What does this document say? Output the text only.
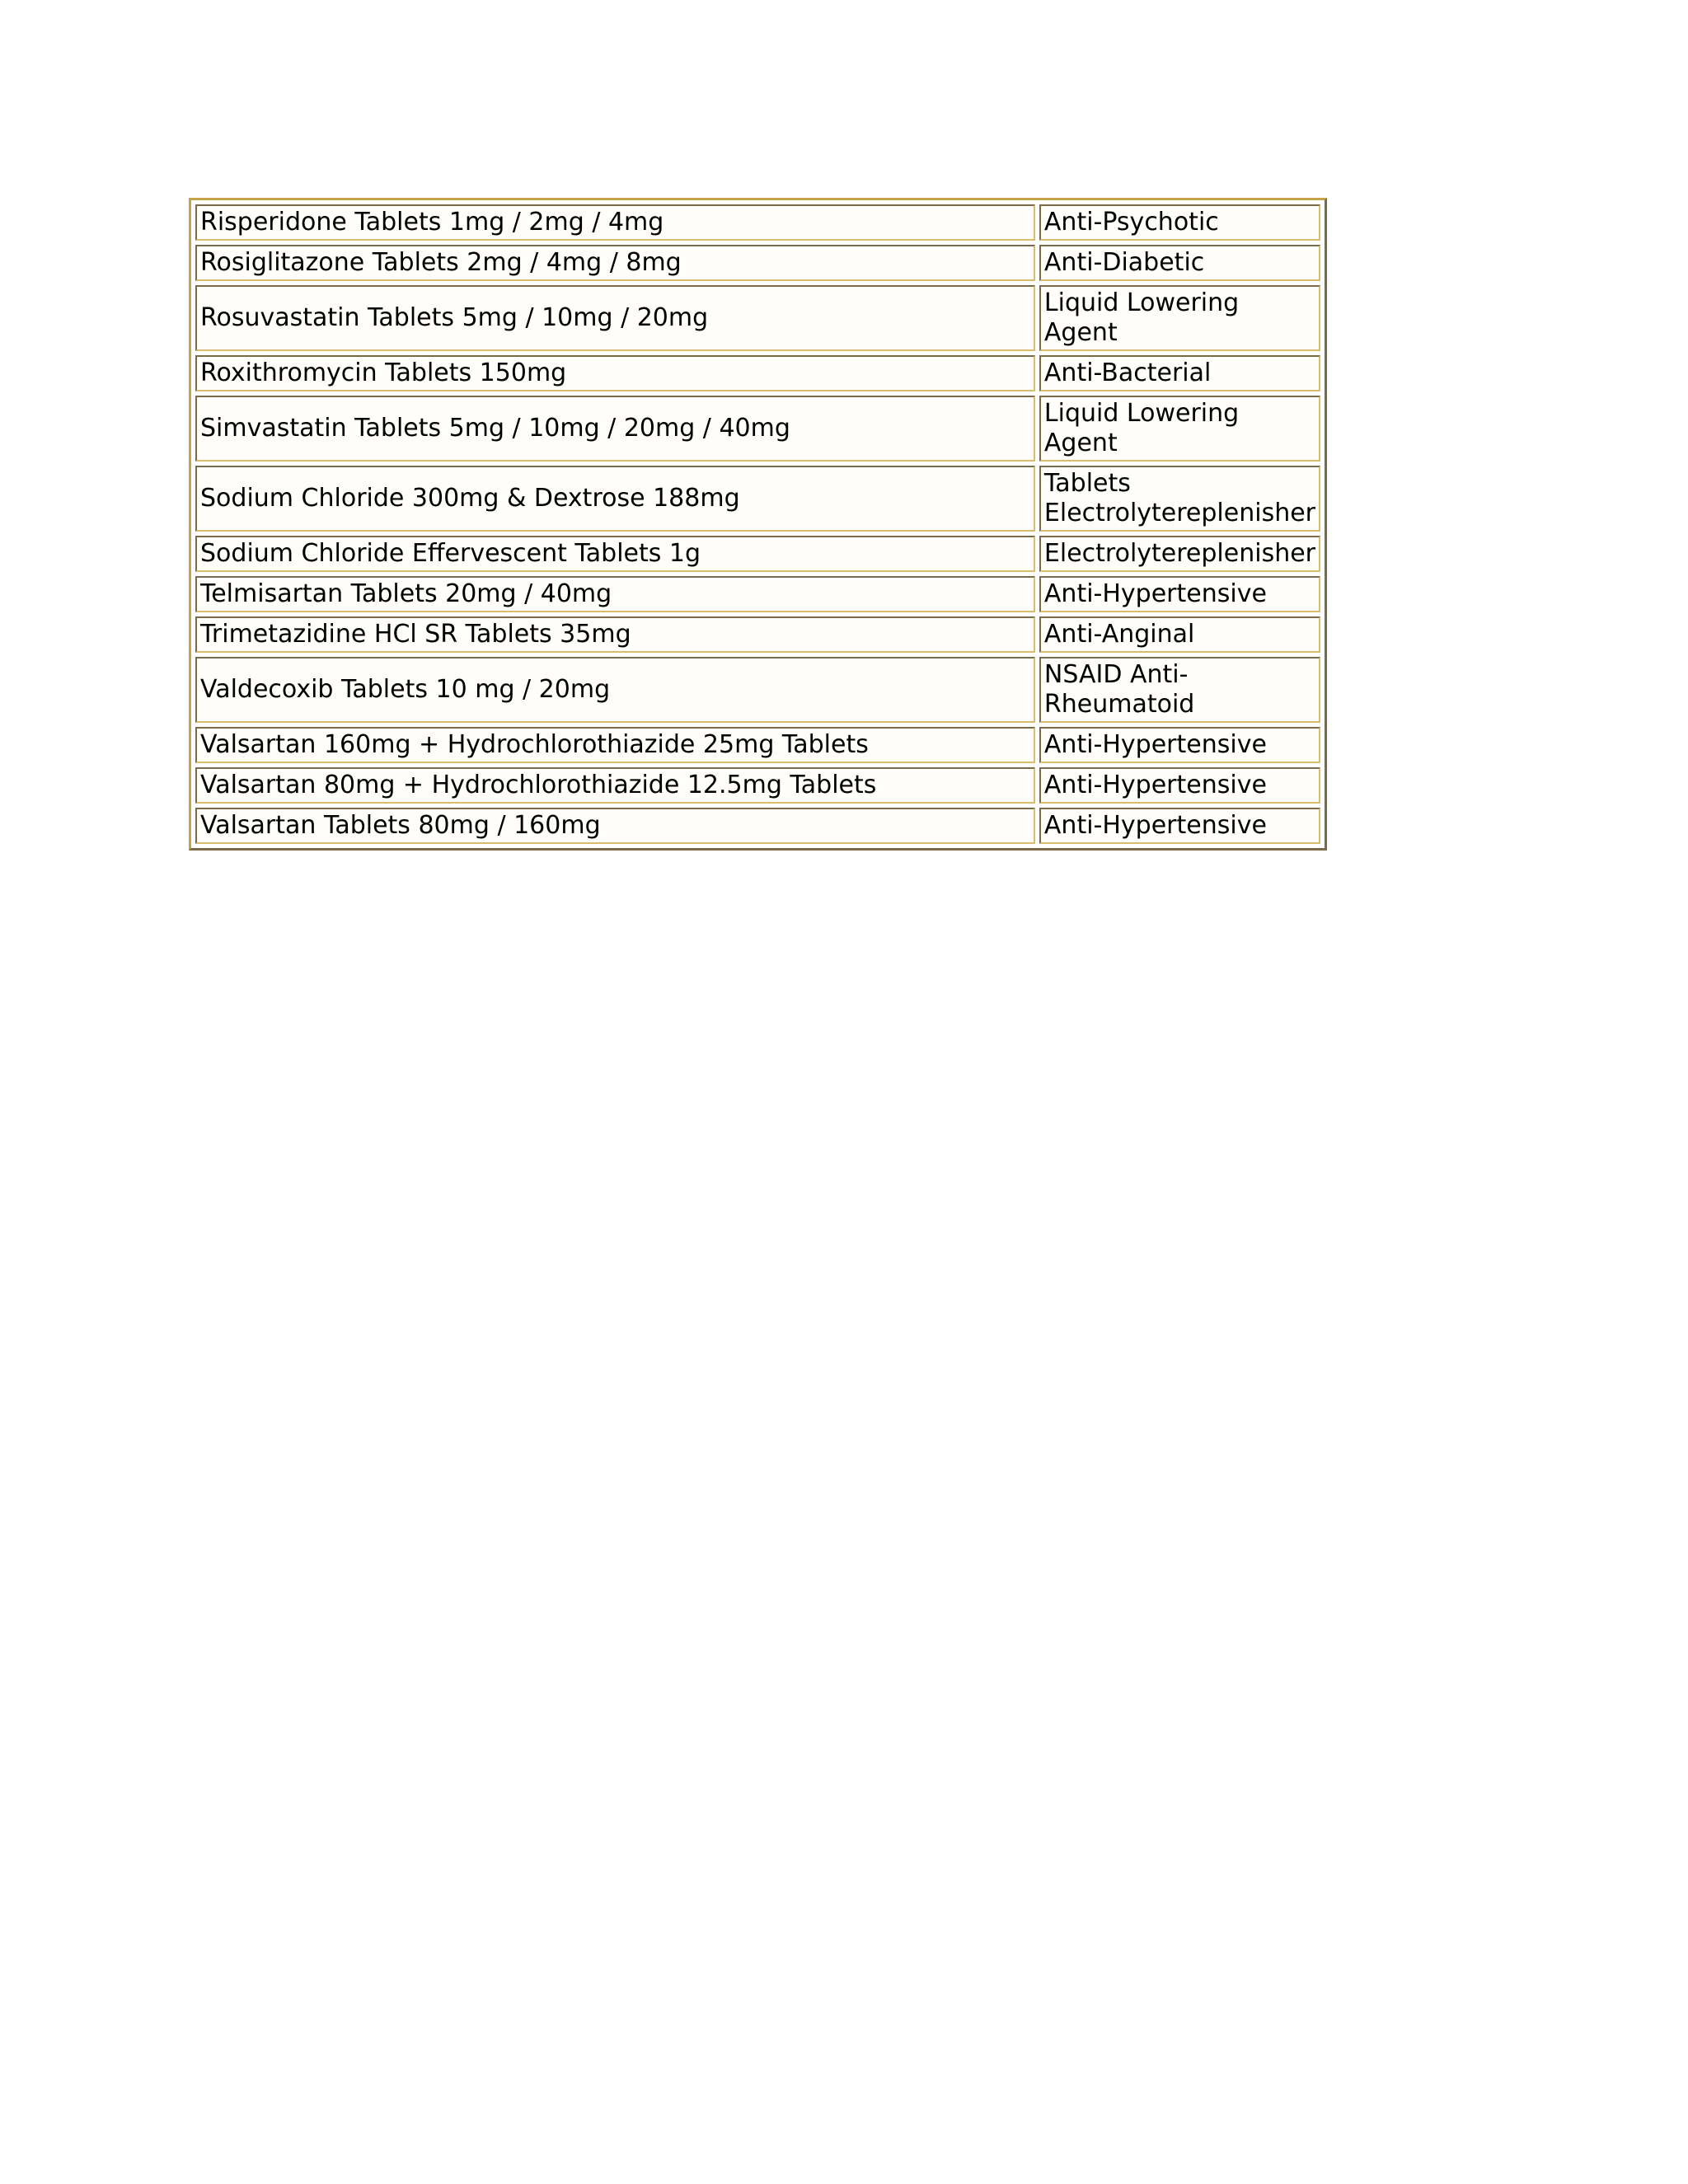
Risperidone Tablets 1mg / 2mg / 4mg	Anti-Psychotic
Rosiglitazone Tablets 2mg / 4mg / 8mg	Anti-Diabetic
Rosuvastatin Tablets 5mg / 10mg / 20mg	Liquid Lowering Agent
Roxithromycin Tablets 150mg	Anti-Bacterial
Simvastatin Tablets 5mg / 10mg / 20mg / 40mg	Liquid Lowering Agent
Sodium Chloride 300mg & Dextrose 188mg	Tablets Electrolytereplenisher
Sodium Chloride Effervescent Tablets 1g	Electrolytereplenisher
Telmisartan Tablets 20mg / 40mg	Anti-Hypertensive
Trimetazidine HCl SR Tablets 35mg	Anti-Anginal
Valdecoxib Tablets 10 mg / 20mg	NSAID Anti-Rheumatoid
Valsartan 160mg + Hydrochlorothiazide 25mg Tablets	Anti-Hypertensive
Valsartan 80mg + Hydrochlorothiazide 12.5mg Tablets	Anti-Hypertensive
Valsartan Tablets 80mg / 160mg	Anti-Hypertensive
